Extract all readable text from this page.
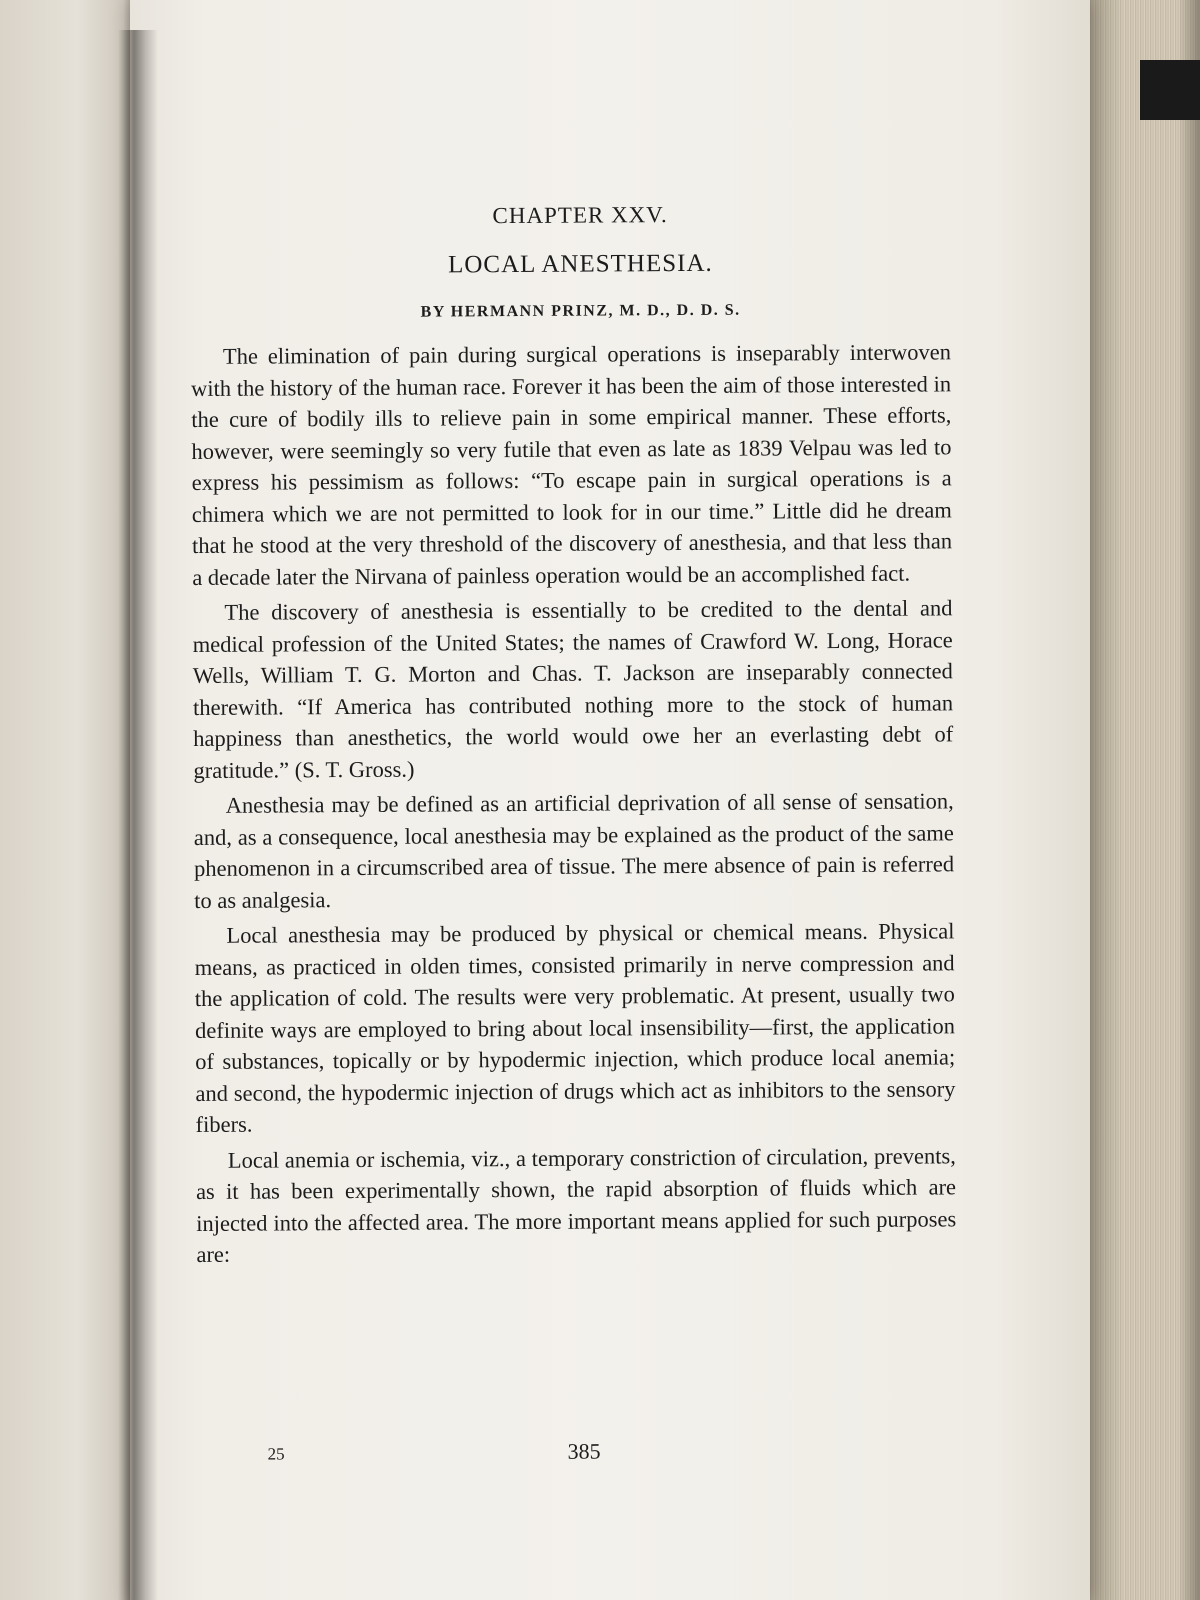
CHAPTER XXV.
LOCAL ANESTHESIA.
BY HERMANN PRINZ, M. D., D. D. S.

The elimination of pain during surgical operations is inseparably interwoven with the history of the human race. Forever it has been the aim of those interested in the cure of bodily ills to relieve pain in some empirical manner. These efforts, however, were seemingly so very futile that even as late as 1839 Velpau was led to express his pessimism as follows: “To escape pain in surgical operations is a chimera which we are not permitted to look for in our time.” Little did he dream that he stood at the very threshold of the discovery of anesthesia, and that less than a decade later the Nirvana of painless operation would be an accomplished fact.

The discovery of anesthesia is essentially to be credited to the dental and medical profession of the United States; the names of Crawford W. Long, Horace Wells, William T. G. Morton and Chas. T. Jackson are inseparably connected therewith. “If America has contributed nothing more to the stock of human happiness than anesthetics, the world would owe her an everlasting debt of gratitude.” (S. T. Gross.)

Anesthesia may be defined as an artificial deprivation of all sense of sensation, and, as a consequence, local anesthesia may be explained as the product of the same phenomenon in a circumscribed area of tissue. The mere absence of pain is referred to as analgesia.

Local anesthesia may be produced by physical or chemical means. Physical means, as practiced in olden times, consisted primarily in nerve compression and the application of cold. The results were very problematic. At present, usually two definite ways are employed to bring about local insensibility—first, the application of substances, topically or by hypodermic injection, which produce local anemia; and second, the hypodermic injection of drugs which act as inhibitors to the sensory fibers.

Local anemia or ischemia, viz., a temporary constriction of circulation, prevents, as it has been experimentally shown, the rapid absorption of fluids which are injected into the affected area. The more important means applied for such purposes are:

25	385
